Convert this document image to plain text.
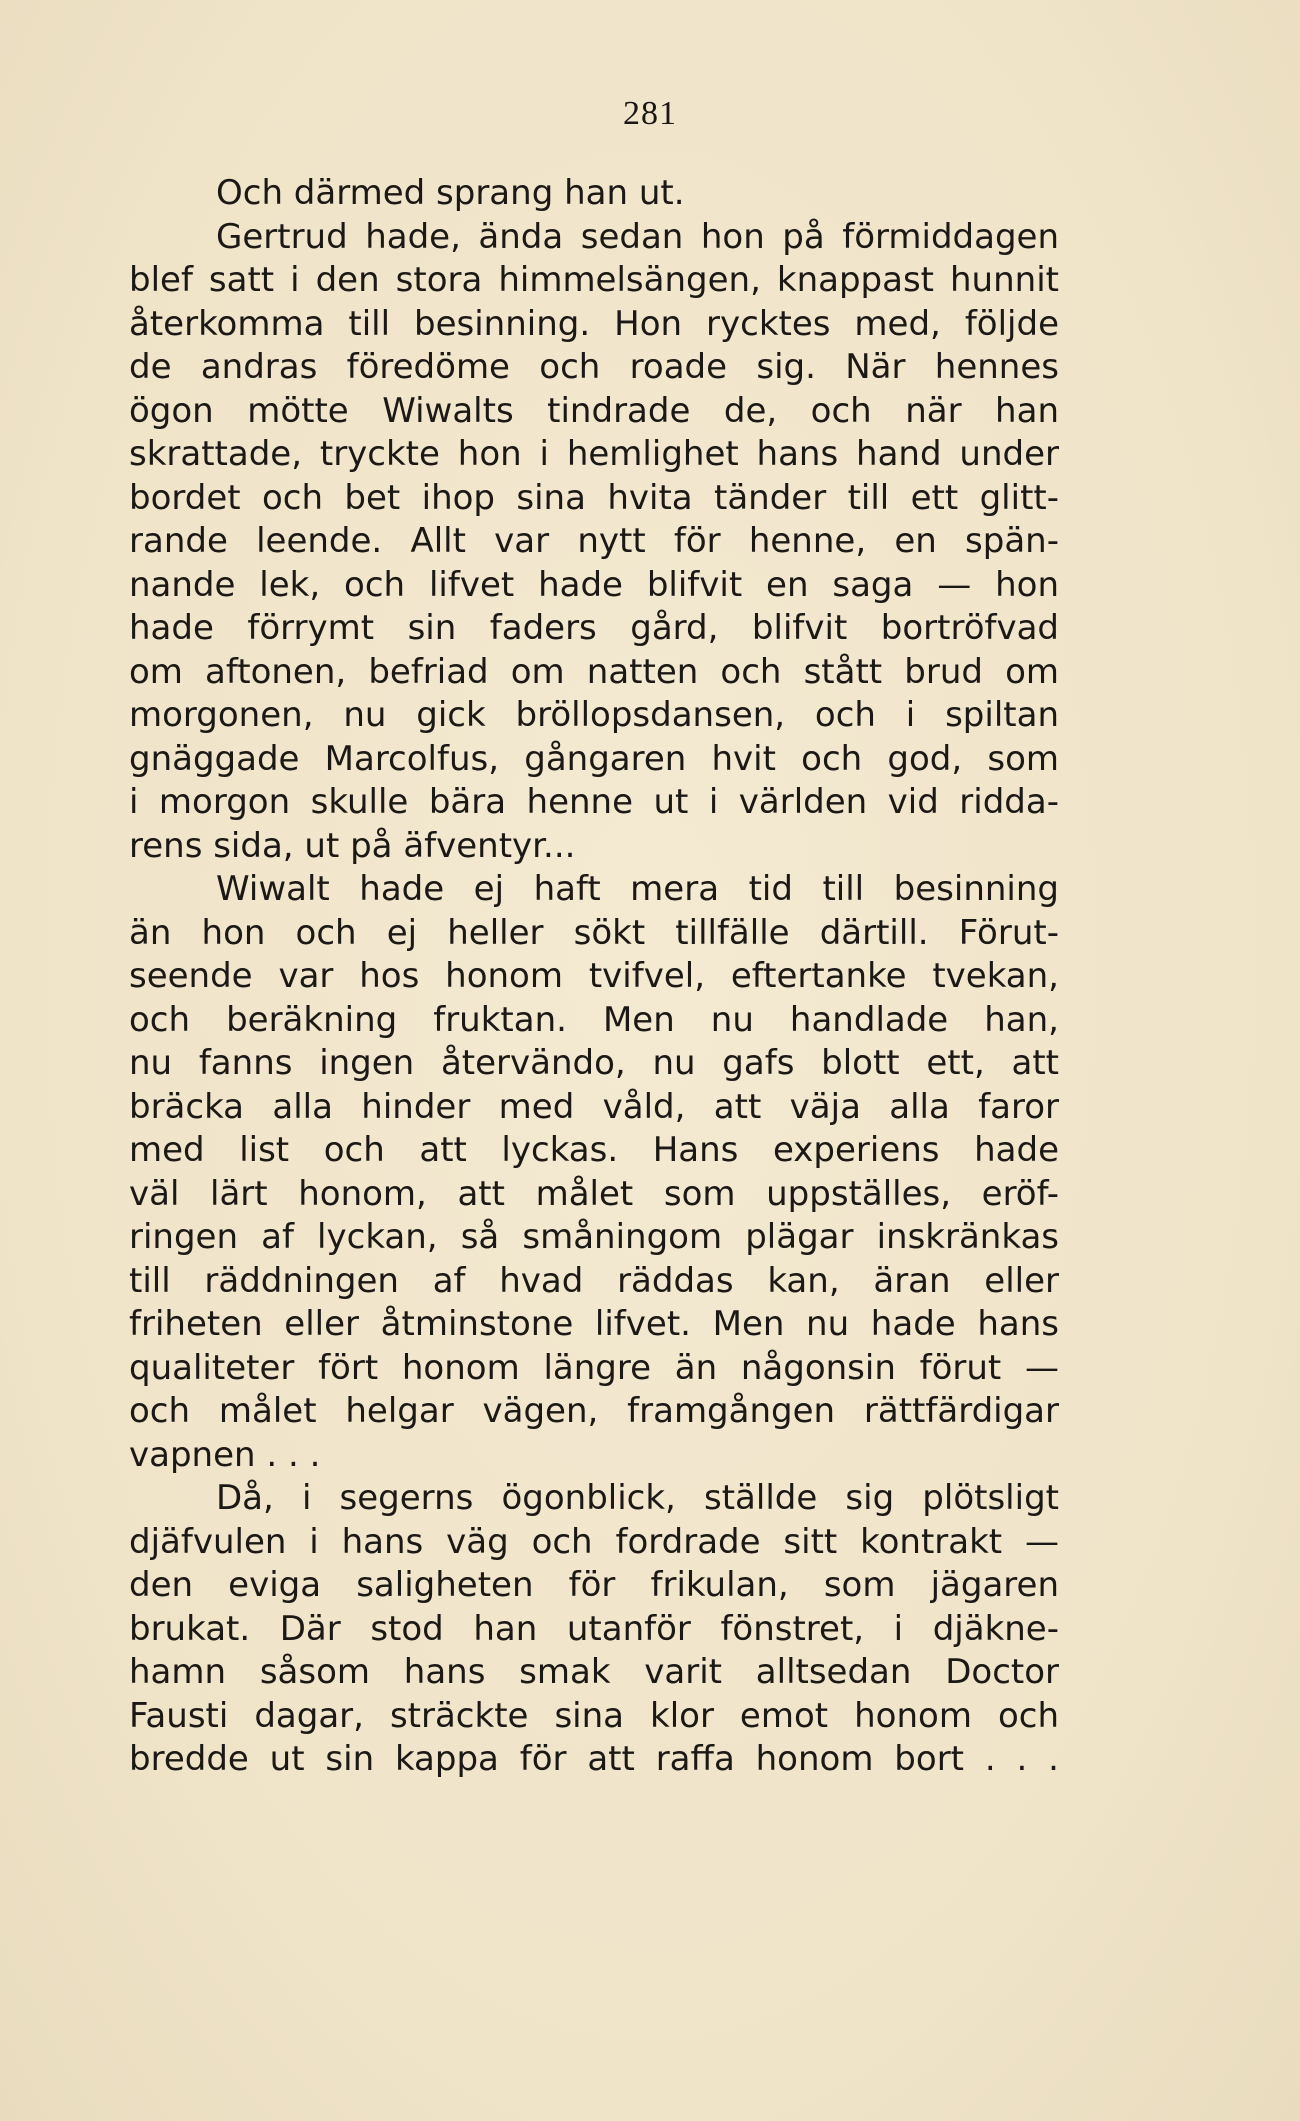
281
Och därmed sprang han ut.
Gertrud hade, ända sedan hon på förmiddagen
blef satt i den stora himmelsängen, knappast hunnit
återkomma till besinning. Hon rycktes med, följde
de andras föredöme och roade sig. När hennes
ögon mötte Wiwalts tindrade de, och när han
skrattade, tryckte hon i hemlighet hans hand under
bordet och bet ihop sina hvita tänder till ett glitt-
rande leende. Allt var nytt för henne, en spän-
nande lek, och lifvet hade blifvit en saga — hon
hade förrymt sin faders gård, blifvit bortröfvad
om aftonen, befriad om natten och stått brud om
morgonen, nu gick bröllopsdansen, och i spiltan
gnäggade Marcolfus, gångaren hvit och god, som
i morgon skulle bära henne ut i världen vid ridda-
rens sida, ut på äfventyr...
Wiwalt hade ej haft mera tid till besinning
än hon och ej heller sökt tillfälle därtill. Förut-
seende var hos honom tvifvel, eftertanke tvekan,
och beräkning fruktan. Men nu handlade han,
nu fanns ingen återvändo, nu gafs blott ett, att
bräcka alla hinder med våld, att väja alla faror
med list och att lyckas. Hans experiens hade
väl lärt honom, att målet som uppställes, eröf-
ringen af lyckan, så småningom plägar inskränkas
till räddningen af hvad räddas kan, äran eller
friheten eller åtminstone lifvet. Men nu hade hans
qualiteter fört honom längre än någonsin förut —
och målet helgar vägen, framgången rättfärdigar
vapnen . . .
Då, i segerns ögonblick, ställde sig plötsligt
djäfvulen i hans väg och fordrade sitt kontrakt —
den eviga saligheten för frikulan, som jägaren
brukat. Där stod han utanför fönstret, i djäkne-
hamn såsom hans smak varit alltsedan Doctor
Fausti dagar, sträckte sina klor emot honom och
bredde ut sin kappa för att raffa honom bort . . .
